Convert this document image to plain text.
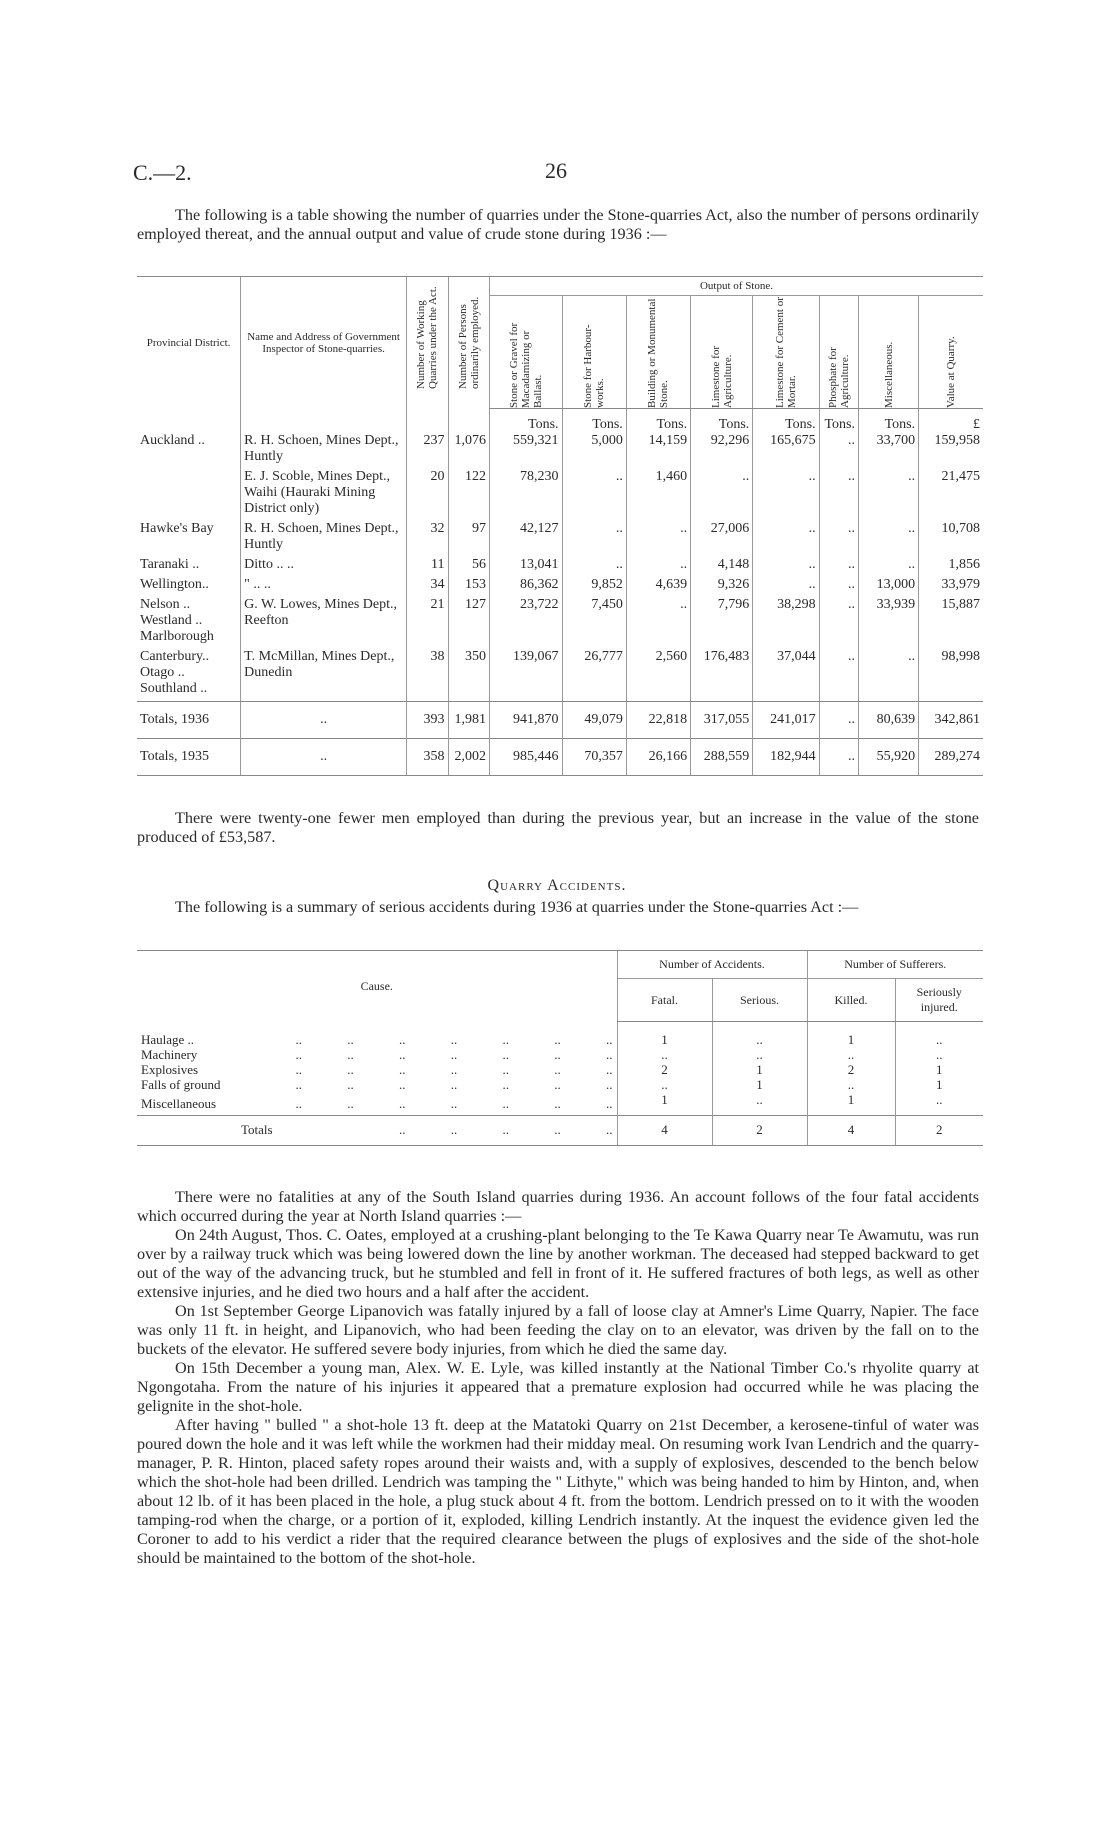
C.—2.	26

The following is a table showing the number of quarries under the Stone-quarries Act, also the number of persons ordinarily employed thereat, and the annual output and value of crude stone during 1936 :—

Provincial District.	Name and Address of Government Inspector of Stone-quarries.	Number of Working Quarries under the Act.	Number of Persons ordinarily employed.	Output of Stone.							

				Stone or Gravel for Macadamizing or Ballast.	Stone for Harbour-works.	Building or Monumental Stone.	Limestone for Agriculture.	Limestone for Cement or Mortar.	Phosphate for Agriculture.	Miscellaneous.	Value at Quarry.

				Tons.	Tons.	Tons.	Tons.	Tons.	Tons.	Tons.	£
Auckland ..	R. H. Schoen, Mines Dept., Huntly	237	1,076	559,321	5,000	14,159	92,296	165,675	..	33,700	159,958
	E. J. Scoble, Mines Dept., Waihi (Hauraki Mining District only)	20	122	78,230	..	1,460	..	..	..	..	21,475
Hawke's Bay	R. H. Schoen, Mines Dept., Huntly	32	97	42,127	..	..	27,006	..	..	..	10,708
Taranaki ..	Ditto .. ..	11	56	13,041	..	..	4,148	..	..	..	1,856
Wellington..	" .. ..	34	153	86,362	9,852	4,639	9,326	..	..	13,000	33,979
Nelson ..
Westland ..
Marlborough	G. W. Lowes, Mines Dept., Reefton	21	127	23,722	7,450	..	7,796	38,298	..	33,939	15,887
Canterbury..
Otago ..
Southland ..	T. McMillan, Mines Dept., Dunedin	38	350	139,067	26,777	2,560	176,483	37,044	..	..	98,998
Totals, 1936	..	393	1,981	941,870	49,079	22,818	317,055	241,017	..	80,639	342,861
Totals, 1935	..	358	2,002	985,446	70,357	26,166	288,559	182,944	..	55,920	289,274

There were twenty-one fewer men employed than during the previous year, but an increase in the value of the stone produced of £53,587.

Quarry Accidents.

The following is a summary of serious accidents during 1936 at quarries under the Stone-quarries Act :—

Cause.	Number of Accidents.		Number of Sufferers.	
	Fatal.	Serious.	Killed.	Seriously injured.
Haulage .. .. .. .. .. .. .. ..	1	..	1	..
Machinery .. .. .. .. .. .. ..	..	..	..	..
Explosives .. .. .. .. .. .. ..	2	1	2	1
Falls of ground .. .. .. .. .. .. ..	..	1	..	1
Miscellaneous .. .. .. .. .. .. ..	1	..	1	..
Totals .. .. .. .. ..	4	2	4	2

There were no fatalities at any of the South Island quarries during 1936. An account follows of the four fatal accidents which occurred during the year at North Island quarries :—

On 24th August, Thos. C. Oates, employed at a crushing-plant belonging to the Te Kawa Quarry near Te Awamutu, was run over by a railway truck which was being lowered down the line by another workman. The deceased had stepped backward to get out of the way of the advancing truck, but he stumbled and fell in front of it. He suffered fractures of both legs, as well as other extensive injuries, and he died two hours and a half after the accident.

On 1st September George Lipanovich was fatally injured by a fall of loose clay at Amner's Lime Quarry, Napier. The face was only 11 ft. in height, and Lipanovich, who had been feeding the clay on to an elevator, was driven by the fall on to the buckets of the elevator. He suffered severe body injuries, from which he died the same day.

On 15th December a young man, Alex. W. E. Lyle, was killed instantly at the National Timber Co.'s rhyolite quarry at Ngongotaha. From the nature of his injuries it appeared that a premature explosion had occurred while he was placing the gelignite in the shot-hole.

After having " bulled " a shot-hole 13 ft. deep at the Matatoki Quarry on 21st December, a kerosene-tinful of water was poured down the hole and it was left while the workmen had their midday meal. On resuming work Ivan Lendrich and the quarry-manager, P. R. Hinton, placed safety ropes around their waists and, with a supply of explosives, descended to the bench below which the shot-hole had been drilled. Lendrich was tamping the " Lithyte," which was being handed to him by Hinton, and, when about 12 lb. of it has been placed in the hole, a plug stuck about 4 ft. from the bottom. Lendrich pressed on to it with the wooden tamping-rod when the charge, or a portion of it, exploded, killing Lendrich instantly. At the inquest the evidence given led the Coroner to add to his verdict a rider that the required clearance between the plugs of explosives and the side of the shot-hole should be maintained to the bottom of the shot-hole.
